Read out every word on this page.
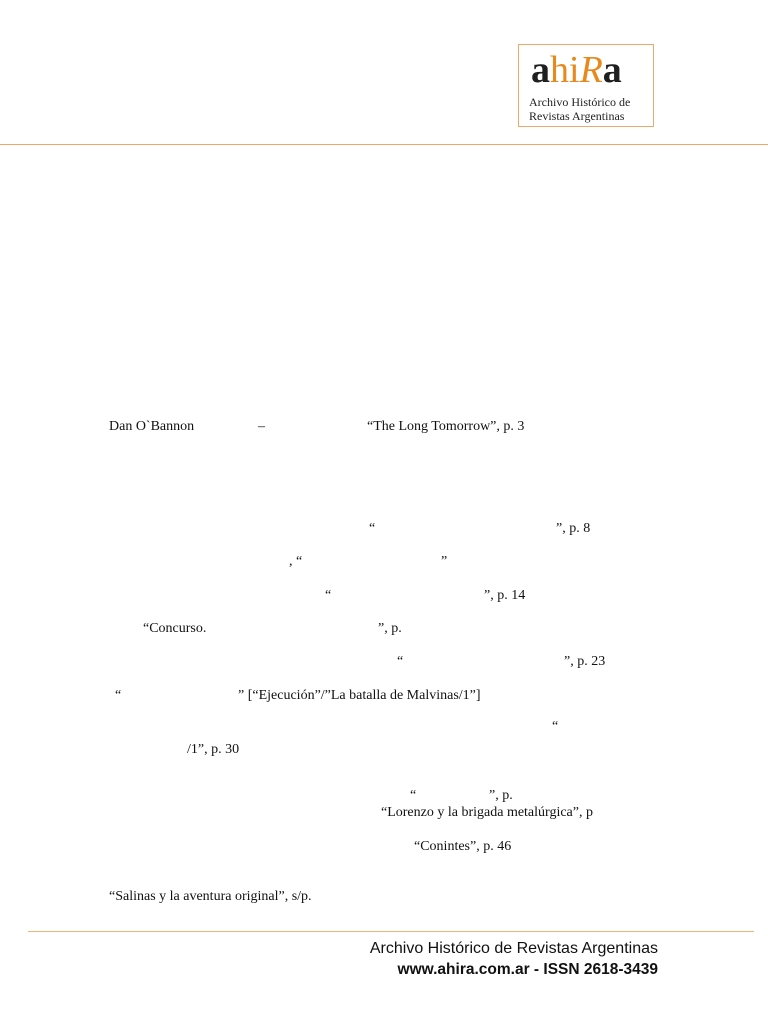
ahiRa
Archivo Histórico de
Revistas Argentinas
Dan O`Bannon	–	“The Long Tomorrow”, p. 3
“	”, p. 8
, “	”
“	”, p. 14
“Concurso.	”, p.
“	”, p. 23
“	” [“Ejecución”/”La batalla de Malvinas/1”]
“
/1”, p. 30
“	”, p.
“Lorenzo y la brigada metalúrgica”, p
“Conintes”, p. 46
“Salinas y la aventura original”, s/p.
Archivo Histórico de Revistas Argentinas
www.ahira.com.ar - ISSN 2618-3439
